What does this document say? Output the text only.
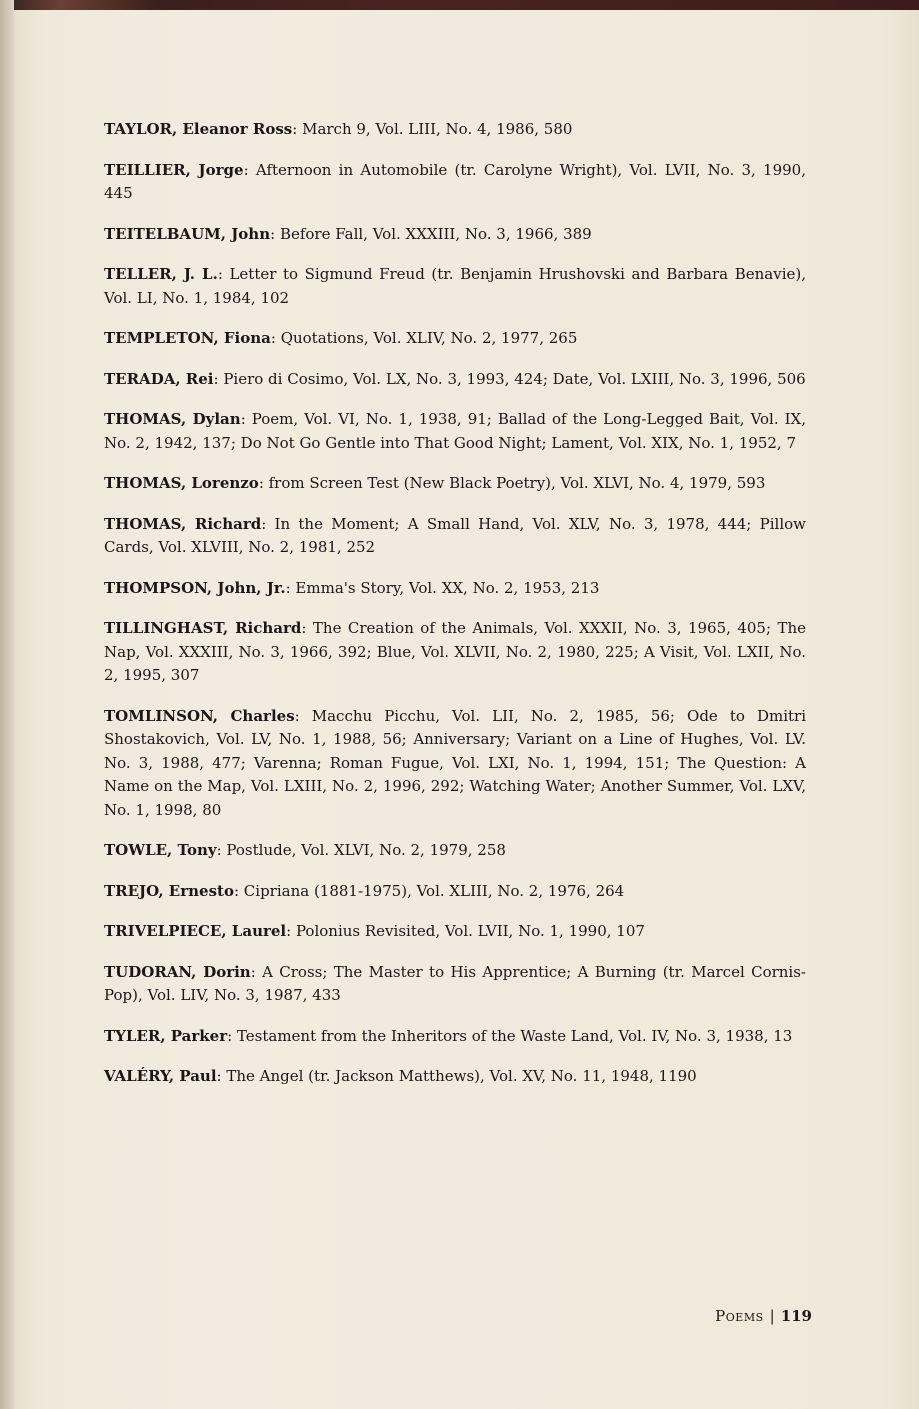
TAYLOR, Eleanor Ross: March 9, Vol. LIII, No. 4, 1986, 580

TEILLIER, Jorge: Afternoon in Automobile (tr. Carolyne Wright), Vol. LVII, No. 3, 1990, 445

TEITELBAUM, John: Before Fall, Vol. XXXIII, No. 3, 1966, 389

TELLER, J. L.: Letter to Sigmund Freud (tr. Benjamin Hrushovski and Barbara Benavie), Vol. LI, No. 1, 1984, 102

TEMPLETON, Fiona: Quotations, Vol. XLIV, No. 2, 1977, 265

TERADA, Rei: Piero di Cosimo, Vol. LX, No. 3, 1993, 424; Date, Vol. LXIII, No. 3, 1996, 506

THOMAS, Dylan: Poem, Vol. VI, No. 1, 1938, 91; Ballad of the Long-Legged Bait, Vol. IX, No. 2, 1942, 137; Do Not Go Gentle into That Good Night; Lament, Vol. XIX, No. 1, 1952, 7

THOMAS, Lorenzo: from Screen Test (New Black Poetry), Vol. XLVI, No. 4, 1979, 593

THOMAS, Richard: In the Moment; A Small Hand, Vol. XLV, No. 3, 1978, 444; Pillow Cards, Vol. XLVIII, No. 2, 1981, 252

THOMPSON, John, Jr.: Emma's Story, Vol. XX, No. 2, 1953, 213

TILLINGHAST, Richard: The Creation of the Animals, Vol. XXXII, No. 3, 1965, 405; The Nap, Vol. XXXIII, No. 3, 1966, 392; Blue, Vol. XLVII, No. 2, 1980, 225; A Visit, Vol. LXII, No. 2, 1995, 307

TOMLINSON, Charles: Macchu Picchu, Vol. LII, No. 2, 1985, 56; Ode to Dmitri Shostakovich, Vol. LV, No. 1, 1988, 56; Anniversary; Variant on a Line of Hughes, Vol. LV. No. 3, 1988, 477; Varenna; Roman Fugue, Vol. LXI, No. 1, 1994, 151; The Question: A Name on the Map, Vol. LXIII, No. 2, 1996, 292; Watching Water; Another Summer, Vol. LXV, No. 1, 1998, 80

TOWLE, Tony: Postlude, Vol. XLVI, No. 2, 1979, 258

TREJO, Ernesto: Cipriana (1881-1975), Vol. XLIII, No. 2, 1976, 264

TRIVELPIECE, Laurel: Polonius Revisited, Vol. LVII, No. 1, 1990, 107

TUDORAN, Dorin: A Cross; The Master to His Apprentice; A Burning (tr. Marcel Cornis-Pop), Vol. LIV, No. 3, 1987, 433

TYLER, Parker: Testament from the Inheritors of the Waste Land, Vol. IV, No. 3, 1938, 13

VALÉRY, Paul: The Angel (tr. Jackson Matthews), Vol. XV, No. 11, 1948, 1190

Poems | 119
